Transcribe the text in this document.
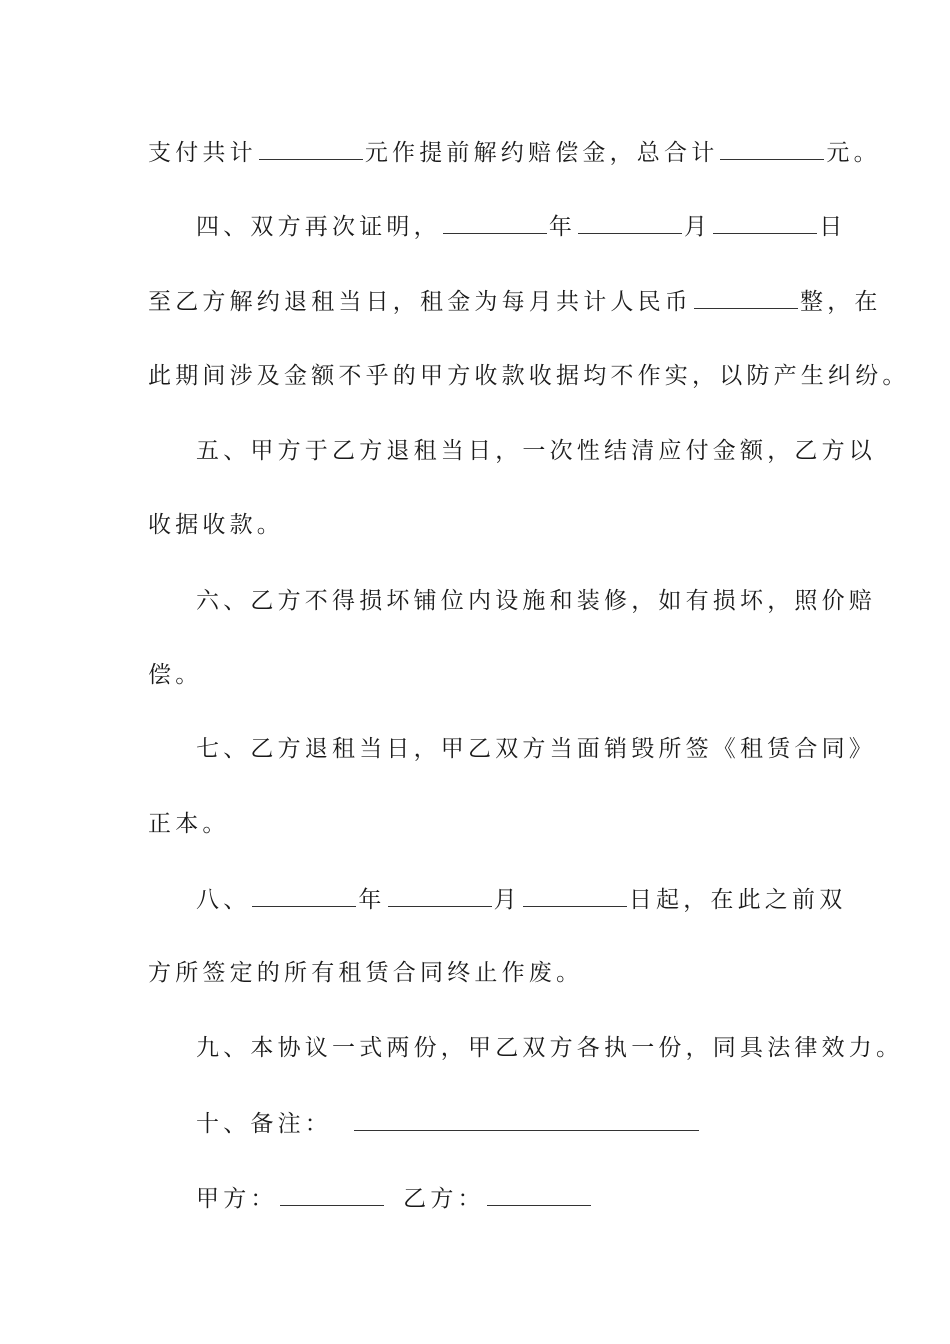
支付共计	元作提前解约赔偿金，总合计	元。
四、双方再次证明，	年	月	日
至乙方解约退租当日，租金为每月共计人民币	整，在
此期间涉及金额不乎的甲方收款收据均不作实，以防产生纠纷。
五、甲方于乙方退租当日，一次性结清应付金额，乙方以
收据收款。
六、乙方不得损坏铺位内设施和装修，如有损坏，照价赔
偿。
七、乙方退租当日，甲乙双方当面销毁所签《租赁合同》
正本。
八、	年	月	日起，在此之前双
方所签定的所有租赁合同终止作废。
九、本协议一式两份，甲乙双方各执一份，同具法律效力。
十、备注：
甲方：	乙方：
